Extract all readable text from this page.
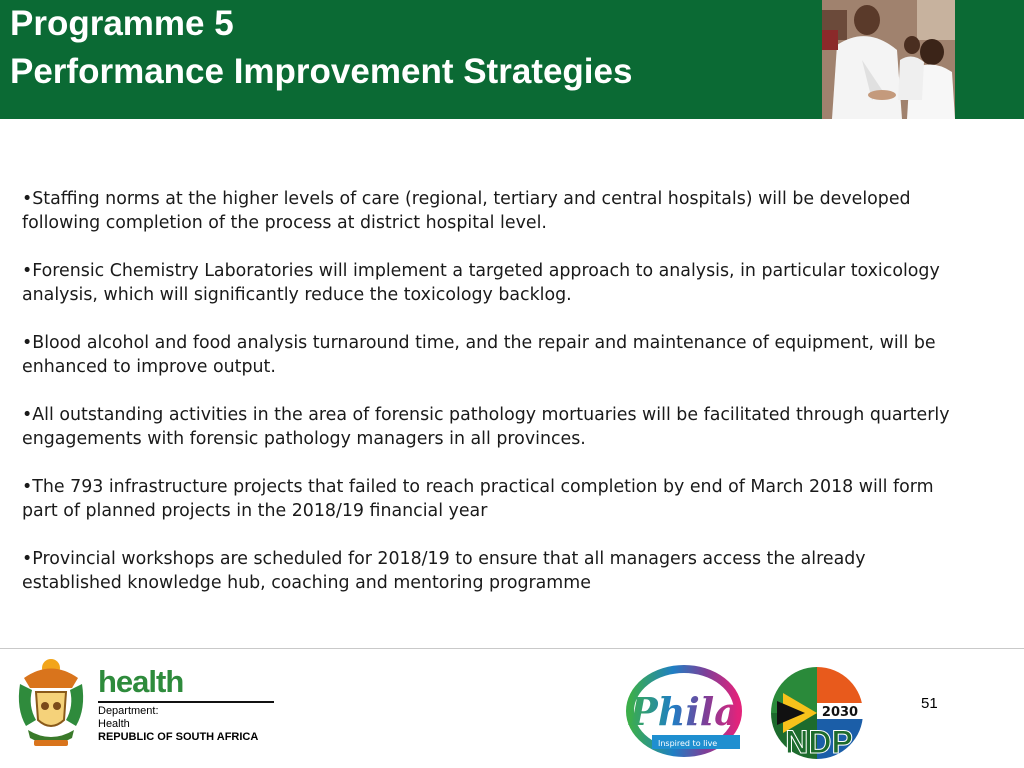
Programme 5
Performance Improvement Strategies

•Staffing norms at the higher levels of care (regional, tertiary and central hospitals) will be developed following completion of the process at district hospital level.

•Forensic Chemistry Laboratories will implement a targeted approach to analysis, in particular toxicology analysis, which will significantly reduce the toxicology backlog.

•Blood alcohol and food analysis turnaround time, and the repair and maintenance of equipment, will be enhanced to improve output.

•All outstanding activities in the area of forensic pathology mortuaries will be facilitated through quarterly engagements with forensic pathology managers in all provinces.

•The 793 infrastructure projects that failed to reach practical completion by end of March 2018 will form part of planned projects in the 2018/19 financial year

•Provincial workshops are scheduled for 2018/19 to ensure that all managers access the already established knowledge hub, coaching and mentoring programme

health
Department:
Health
REPUBLIC OF SOUTH AFRICA
Phila
Inspired to live
2030
NDP
51
